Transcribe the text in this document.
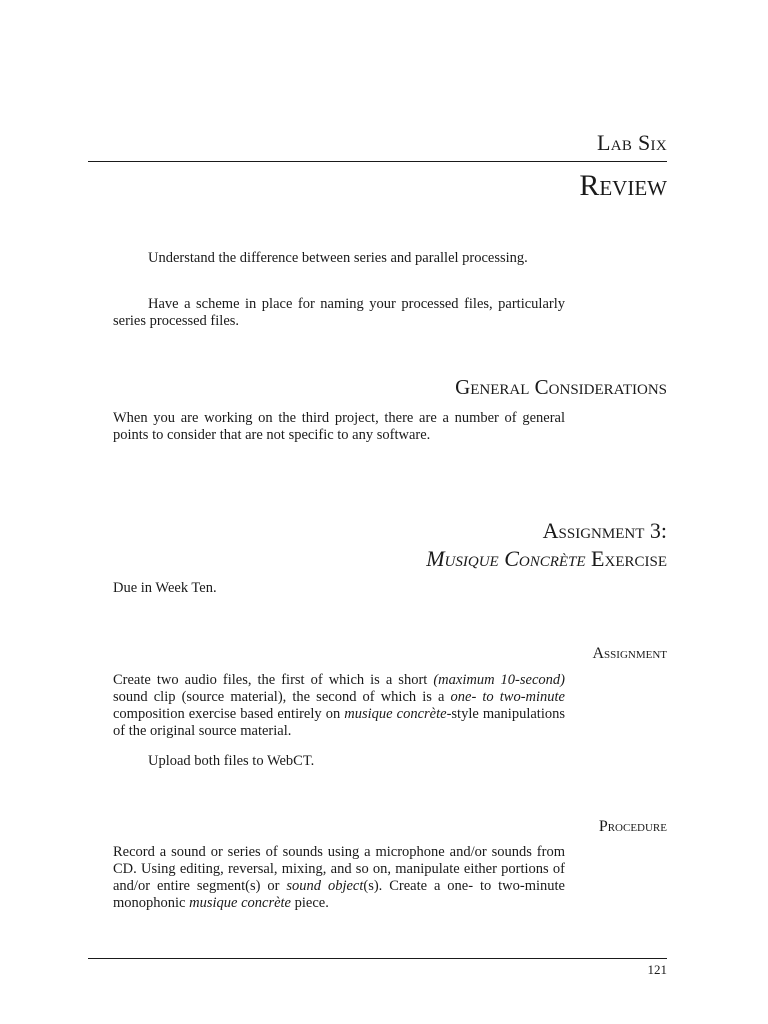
Lab Six
Review
Understand the difference between series and parallel processing.
Have a scheme in place for naming your processed files, particularly series processed files.
General Considerations
When you are working on the third project, there are a number of general points to consider that are not specific to any software.
Assignment 3:
Musique Concrète Exercise
Due in Week Ten.
Assignment
Create two audio files, the first of which is a short (maximum 10-second) sound clip (source material), the second of which is a one- to two-minute composition exercise based entirely on musique concrète-style manipulations of the original source material.
Upload both files to WebCT.
Procedure
Record a sound or series of sounds using a microphone and/or sounds from CD. Using editing, reversal, mixing, and so on, manipulate either portions of and/or entire segment(s) or sound object(s). Create a one- to two-minute monophonic musique concrète piece.
121
